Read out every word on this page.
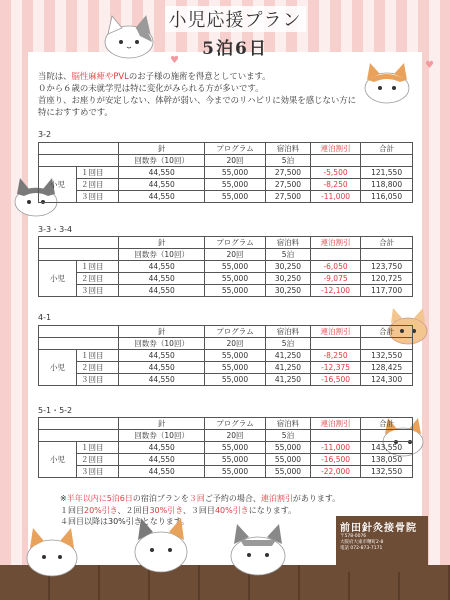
♥	♥
小児応援プラン
5泊6日
当院は、脳性麻痺やPVLのお子様の施術を得意としています。
０から６歳の未就学児は特に変化がみられる方が多いです。
首座り、お座りが安定しない、体幹が弱い、今までのリハビリに効果を感じない方に
特におすすめです。
3-2
		針	プログラム	宿泊料	連泊割引	合計
		回数券（10回）	20回	5泊		
小児	１回目	44,550	55,000	27,500	-5,500	121,550
	２回目	44,550	55,000	27,500	-8,250	118,800
	３回目	44,550	55,000	27,500	-11,000	116,050
3-3・3-4
		針	プログラム	宿泊料	連泊割引	合計
		回数券（10回）	20回	5泊		
小児	１回目	44,550	55,000	30,250	-6,050	123,750
	２回目	44,550	55,000	30,250	-9,075	120,725
	３回目	44,550	55,000	30,250	-12,100	117,700
4-1
		針	プログラム	宿泊料	連泊割引	合計
		回数券（10回）	20回	5泊		
小児	１回目	44,550	55,000	41,250	-8,250	132,550
	２回目	44,550	55,000	41,250	-12,375	128,425
	３回目	44,550	55,000	41,250	-16,500	124,300
5-1・5-2
		針	プログラム	宿泊料	連泊割引	合計
		回数券（10回）	20回	5泊		
小児	１回目	44,550	55,000	55,000	-11,000	143,550
	２回目	44,550	55,000	55,000	-16,500	138,050
	３回目	44,550	55,000	55,000	-22,000	132,550
※半年以内に5泊6日の宿泊プランを３回ご予約の場合、連泊割引があります。
１回目20%引き、２回目30%引き、３回目40%引きになります。
４回目以降は30%引きとなります。
前田針灸接骨院
〒578-0076
大阪府大東市曙町2-8
電話 072-873-7171
